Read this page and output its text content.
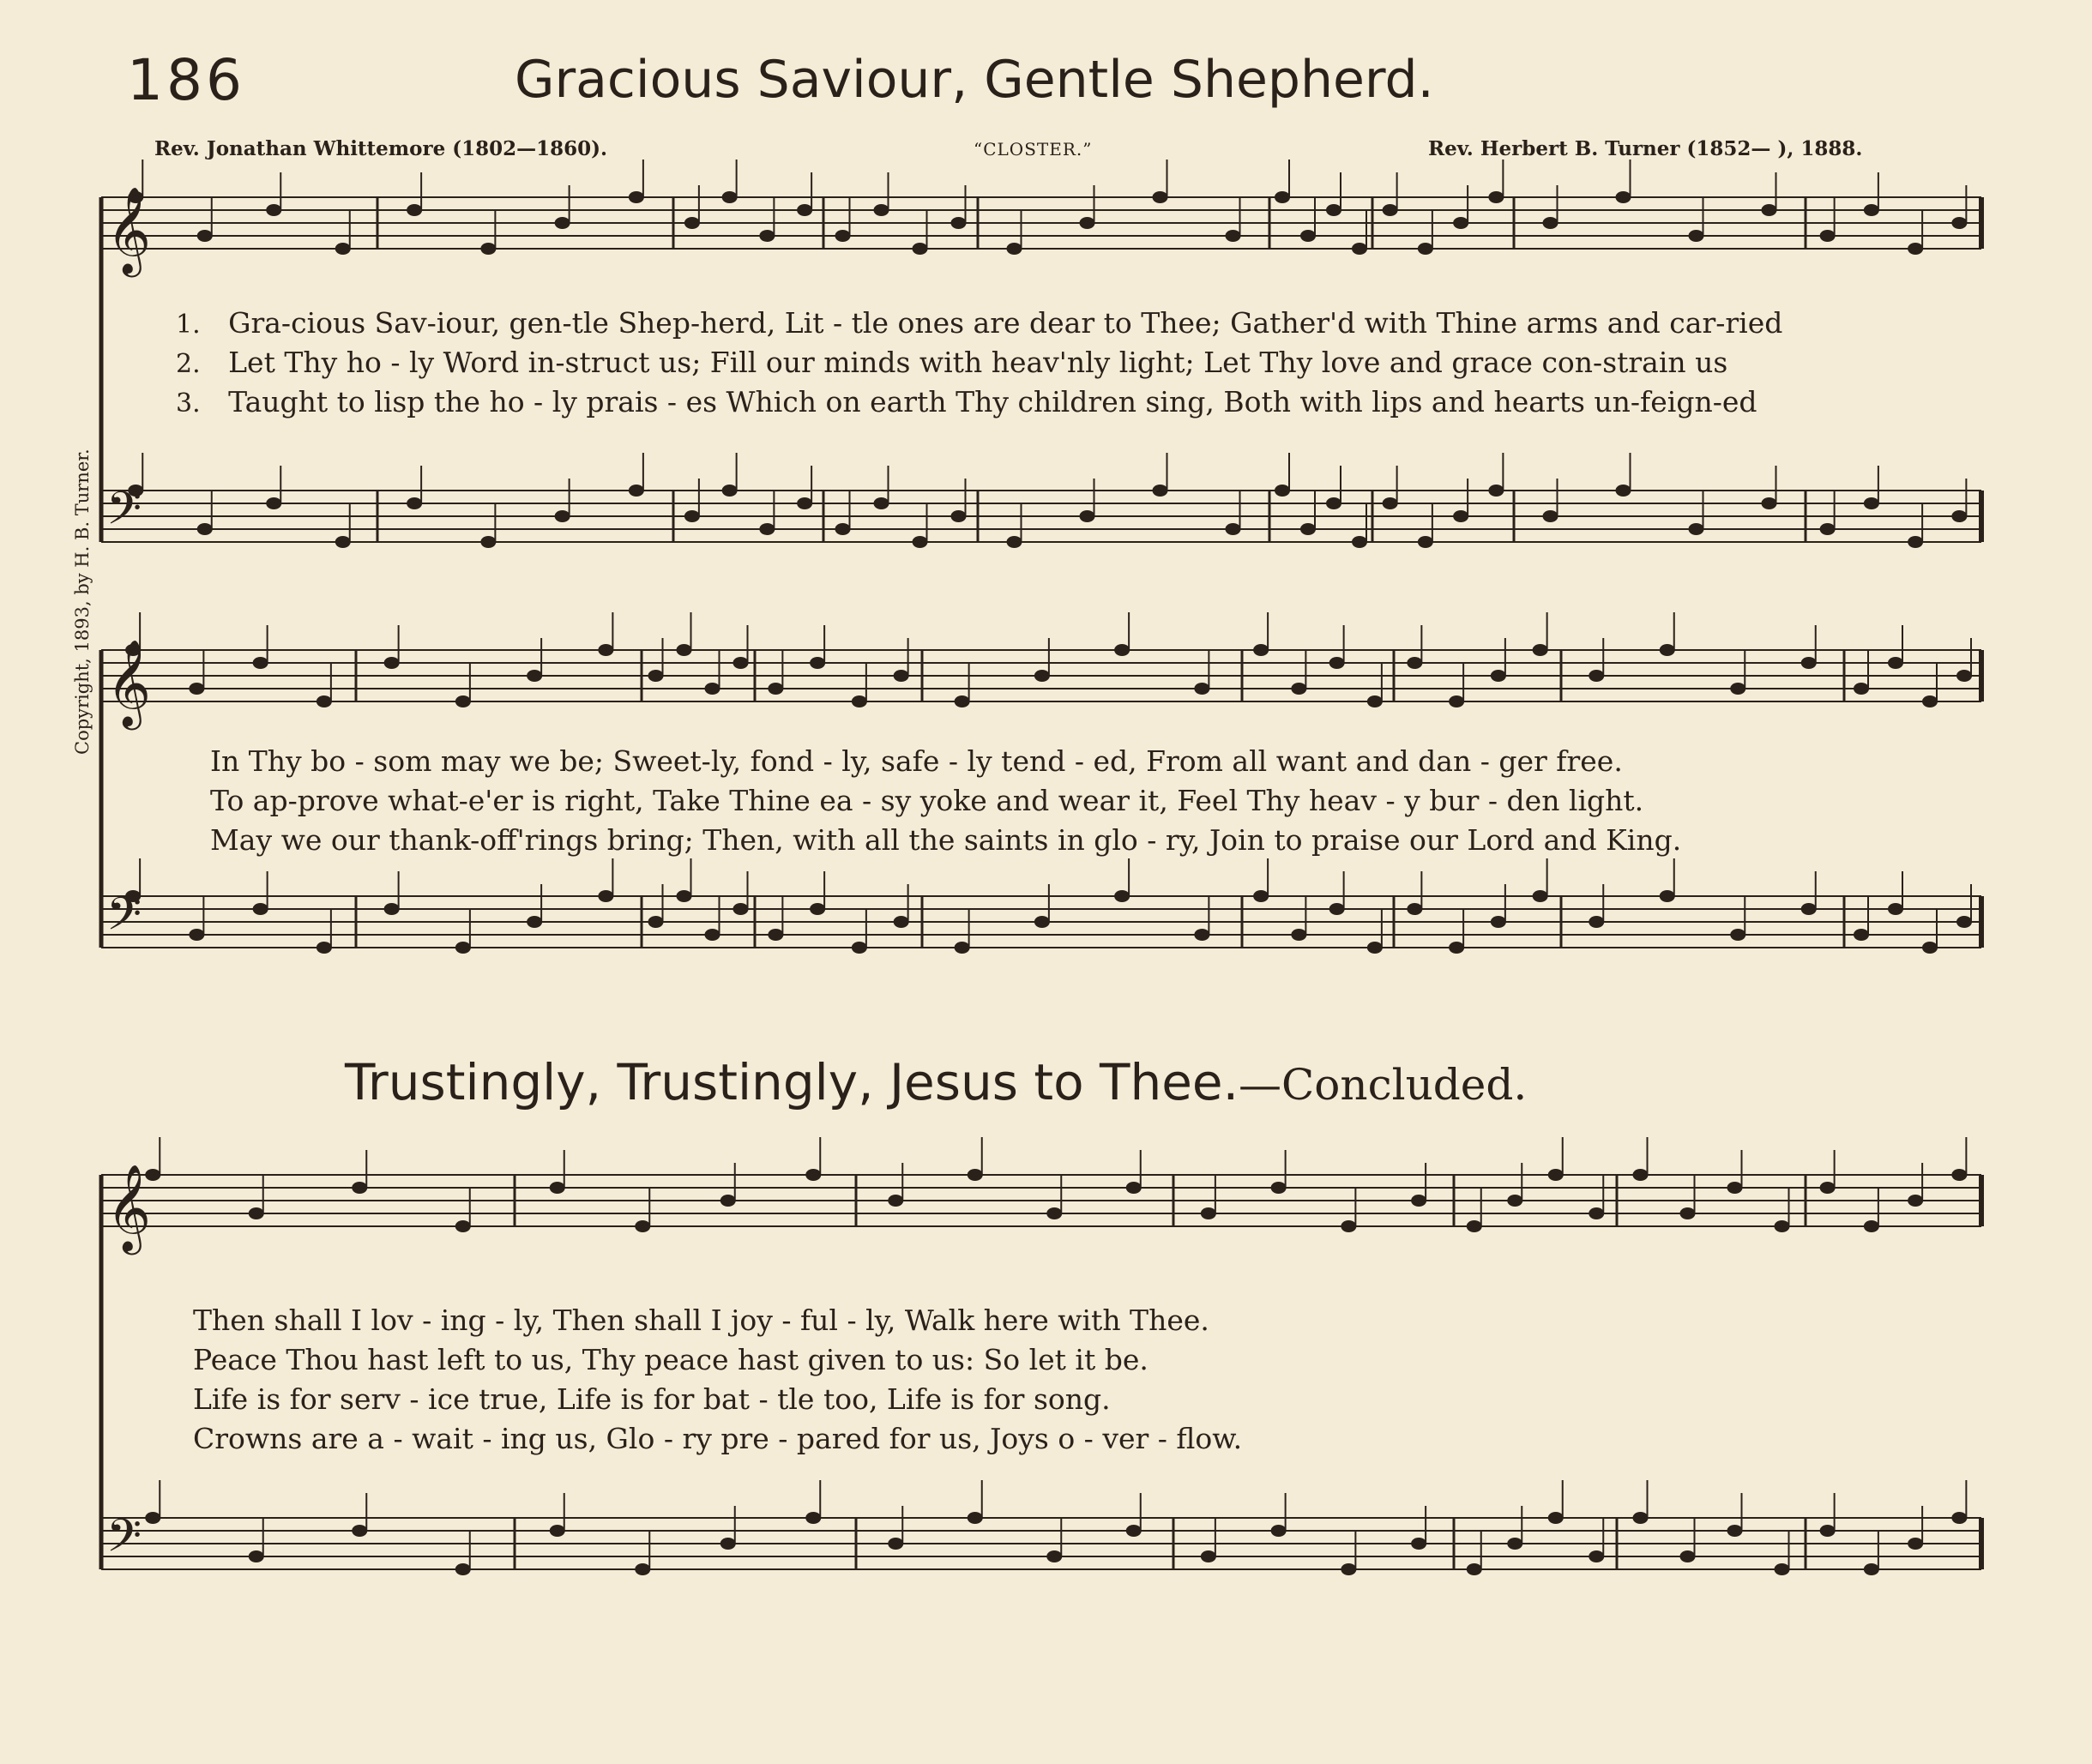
186	Gracious Saviour, Gentle Shepherd.
Rev. Jonathan Whittemore (1802—1860).	“CLOSTER.”	Rev. Herbert B. Turner (1852— ), 1888.
Copyright, 1893, by H. B. Turner.
𝄞
𝄢
𝄞
𝄢
𝄞
𝄢
1. Gra-cious Sav-iour, gen-tle Shep-herd, Lit - tle ones are dear to Thee; Gather'd with Thine arms and car-ried
2. Let Thy ho - ly Word in-struct us; Fill our minds with heav'nly light; Let Thy love and grace con-strain us
3. Taught to lisp the ho - ly prais - es Which on earth Thy children sing, Both with lips and hearts un-feign-ed
In Thy bo - som may we be; Sweet-ly, fond - ly, safe - ly tend - ed, From all want and dan - ger free.
To ap-prove what-e'er is right, Take Thine ea - sy yoke and wear it, Feel Thy heav - y bur - den light.
May we our thank-off'rings bring; Then, with all the saints in glo - ry, Join to praise our Lord and King.
Trustingly, Trustingly, Jesus to Thee.—Concluded.
Then shall I lov - ing - ly, Then shall I joy - ful - ly, Walk here with Thee.
Peace Thou hast left to us, Thy peace hast given to us: So let it be.
Life is for serv - ice true, Life is for bat - tle too, Life is for song.
Crowns are a - wait - ing us, Glo - ry pre - pared for us, Joys o - ver - flow.
